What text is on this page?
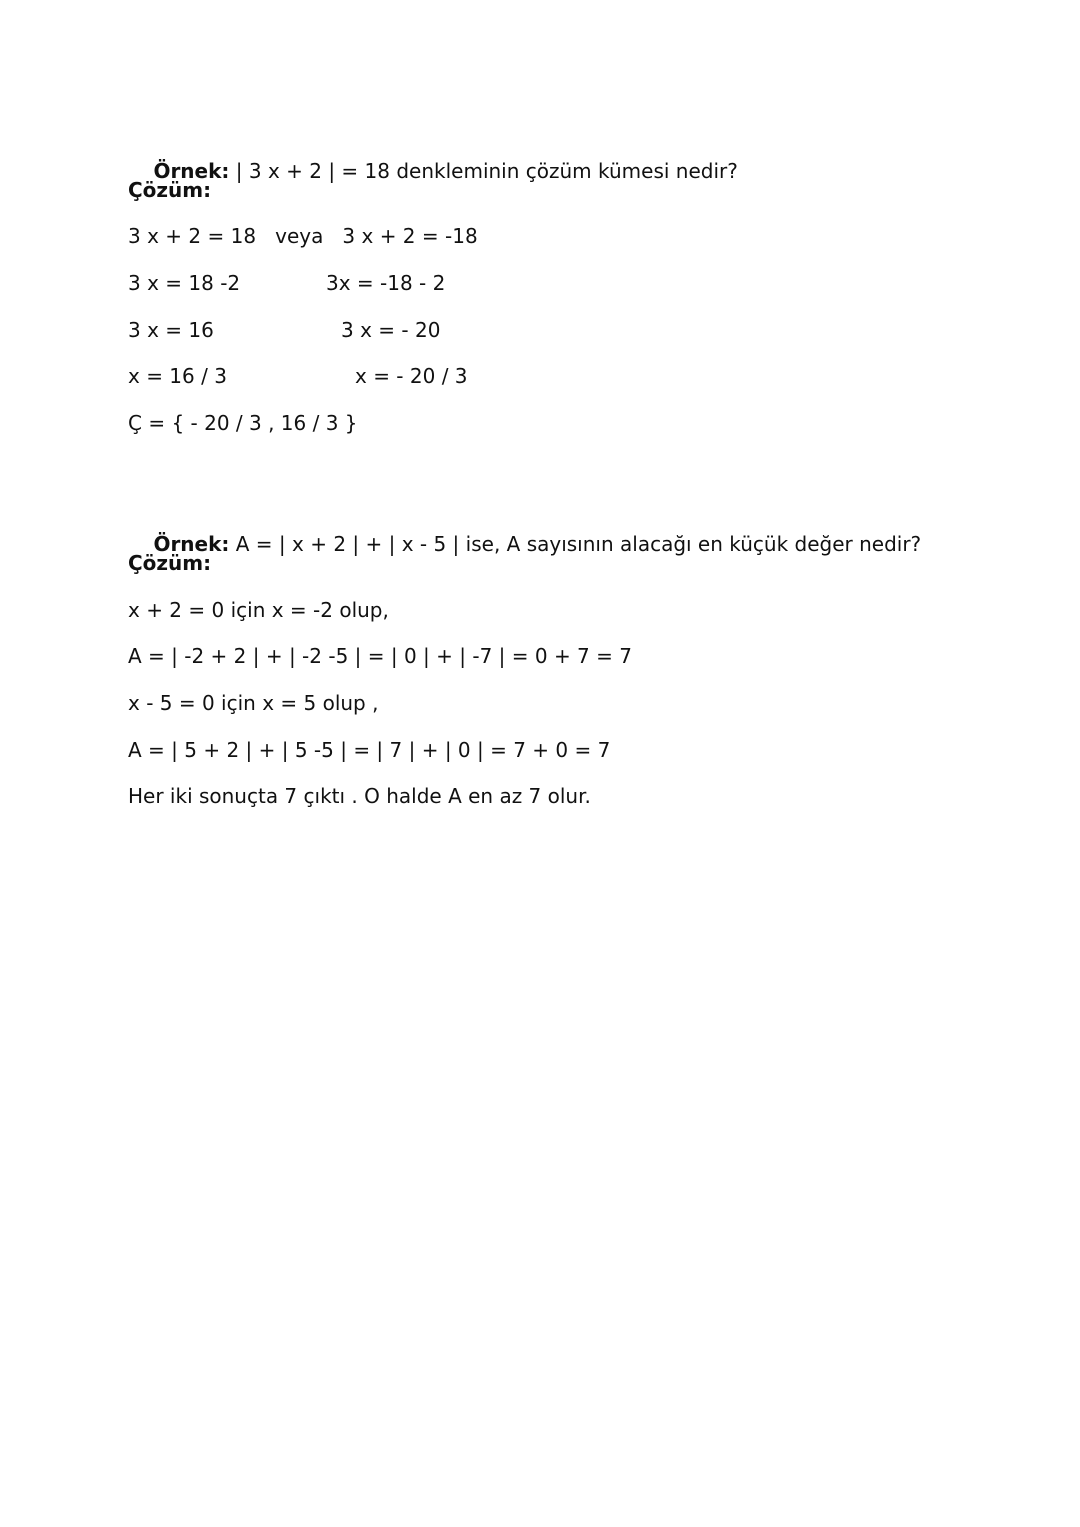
Örnek: | 3 x + 2 | = 18 denkleminin çözüm kümesi nedir?

Çözüm:
3 x + 2 = 18   veya   3 x + 2 = -18
3 x = 18 -2	3x = -18 - 2
3 x = 16	3 x = - 20
x = 16 / 3	x = - 20 / 3
Ç = { - 20 / 3 , 16 / 3 }

Örnek: A = | x + 2 | + | x - 5 | ise, A sayısının alacağı en küçük değer nedir?

Çözüm:
x + 2 = 0 için x = -2 olup,
A = | -2 + 2 | + | -2 -5 | = | 0 | + | -7 | = 0 + 7 = 7
x - 5 = 0 için x = 5 olup ,
A = | 5 + 2 | + | 5 -5 | = | 7 | + | 0 | = 7 + 0 = 7
Her iki sonuçta 7 çıktı . O halde A en az 7 olur.
